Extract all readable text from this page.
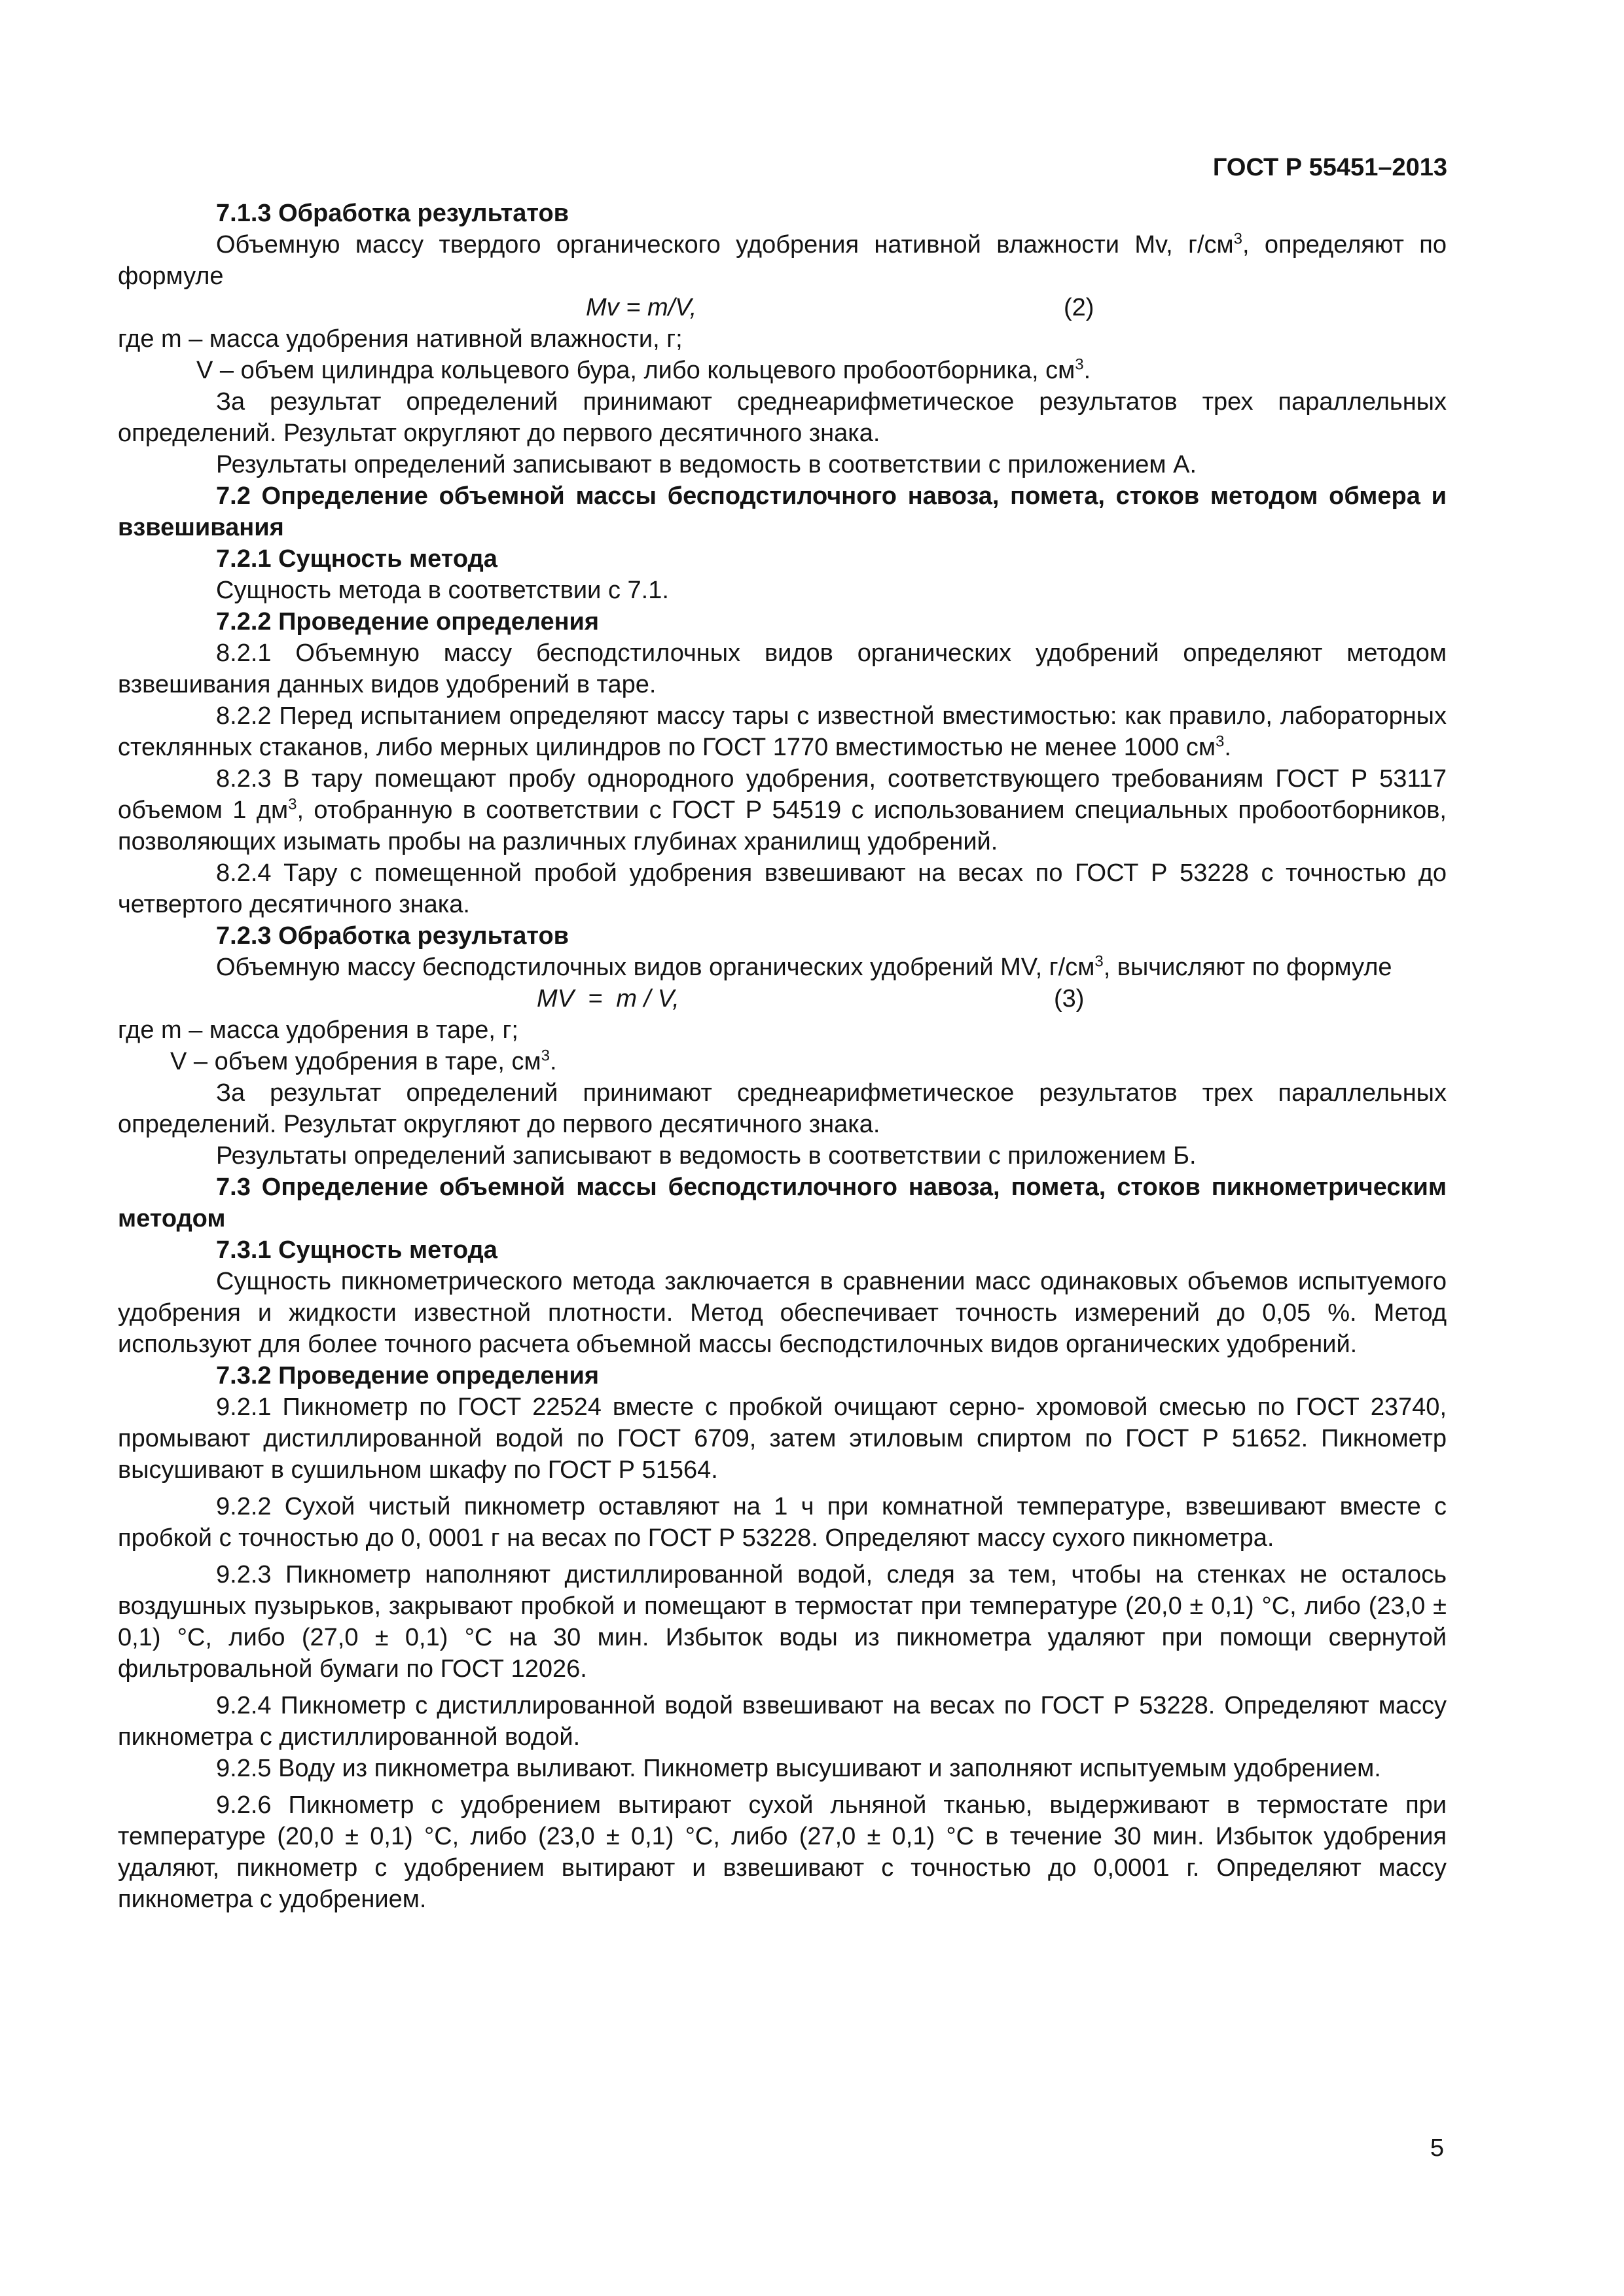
ГОСТ Р 55451–2013

7.1.3 Обработка результатов

Объемную массу твердого органического удобрения нативной влажности Mv, $г/см^3$, определяют по формуле

Mv = m/V,	(2)

где m – масса удобрения нативной влажности, г;

V – объем цилиндра кольцевого бура, либо кольцевого пробоотборника, $см^3$.

За результат определений принимают среднеарифметическое результатов трех параллельных определений. Результат округляют до первого десятичного знака.

Результаты определений записывают в ведомость в соответствии с приложением А.

7.2 Определение объемной массы бесподстилочного навоза, помета, стоков методом обмера и взвешивания

7.2.1 Сущность метода

Сущность метода в соответствии с 7.1.

7.2.2 Проведение определения

8.2.1 Объемную массу бесподстилочных видов органических удобрений определяют методом взвешивания данных видов удобрений в таре.

8.2.2 Перед испытанием определяют массу тары с известной вместимостью: как правило, лабораторных стеклянных стаканов, либо мерных цилиндров по ГОСТ 1770 вместимостью не менее 1000 $см^3$.

8.2.3 В тару помещают пробу однородного удобрения, соответствующего требованиям ГОСТ Р 53117 объемом 1 $дм^3$, отобранную в соответствии с ГОСТ Р 54519 с использованием специальных пробоотборников, позволяющих изымать пробы на различных глубинах хранилищ удобрений.

8.2.4 Тару с помещенной пробой удобрения взвешивают на весах по ГОСТ Р 53228 с точностью до четвертого десятичного знака.

7.2.3 Обработка результатов

Объемную массу бесподстилочных видов органических удобрений MV, $г/см^3$, вычисляют по формуле

MV  =  m / V,	(3)

где m – масса удобрения в таре, г;

V – объем удобрения в таре, $см^3$.

За результат определений принимают среднеарифметическое результатов трех параллельных определений. Результат округляют до первого десятичного знака.

Результаты определений записывают в ведомость в соответствии с приложением Б.

7.3 Определение объемной массы бесподстилочного навоза, помета, стоков пикнометрическим методом

7.3.1 Сущность метода

Сущность пикнометрического метода заключается в сравнении масс одинаковых объемов испытуемого удобрения и жидкости известной плотности. Метод обеспечивает точность измерений до 0,05 %. Метод используют для более точного расчета объемной массы бесподстилочных видов органических удобрений.

7.3.2 Проведение определения

9.2.1 Пикнометр по ГОСТ 22524 вместе с пробкой очищают серно- хромовой смесью по ГОСТ 23740, промывают дистиллированной водой по ГОСТ 6709, затем этиловым спиртом по ГОСТ Р 51652. Пикнометр высушивают в сушильном шкафу по ГОСТ Р 51564.

9.2.2 Сухой чистый пикнометр оставляют на 1 ч при комнатной температуре, взвешивают вместе с пробкой с точностью до 0, 0001 г на весах по ГОСТ Р 53228. Определяют массу сухого пикнометра.

9.2.3 Пикнометр наполняют дистиллированной водой, следя за тем, чтобы на стенках не осталось воздушных пузырьков, закрывают пробкой и помещают в термостат при температуре (20,0 ± 0,1) °С, либо (23,0 ± 0,1) °С, либо (27,0 ± 0,1) °С на 30 мин. Избыток воды из пикнометра удаляют при помощи свернутой фильтровальной бумаги по ГОСТ 12026.

9.2.4 Пикнометр с дистиллированной водой взвешивают на весах по ГОСТ Р 53228. Определяют массу пикнометра с дистиллированной водой.

9.2.5 Воду из пикнометра выливают. Пикнометр высушивают и заполняют испытуемым удобрением.

9.2.6 Пикнометр с удобрением вытирают сухой льняной тканью, выдерживают в термостате при температуре (20,0 ± 0,1) °С, либо (23,0 ± 0,1) °С, либо (27,0 ± 0,1) °С в течение 30 мин. Избыток удобрения удаляют, пикнометр с удобрением вытирают и взвешивают с точностью до 0,0001 г. Определяют массу пикнометра с удобрением.

5
